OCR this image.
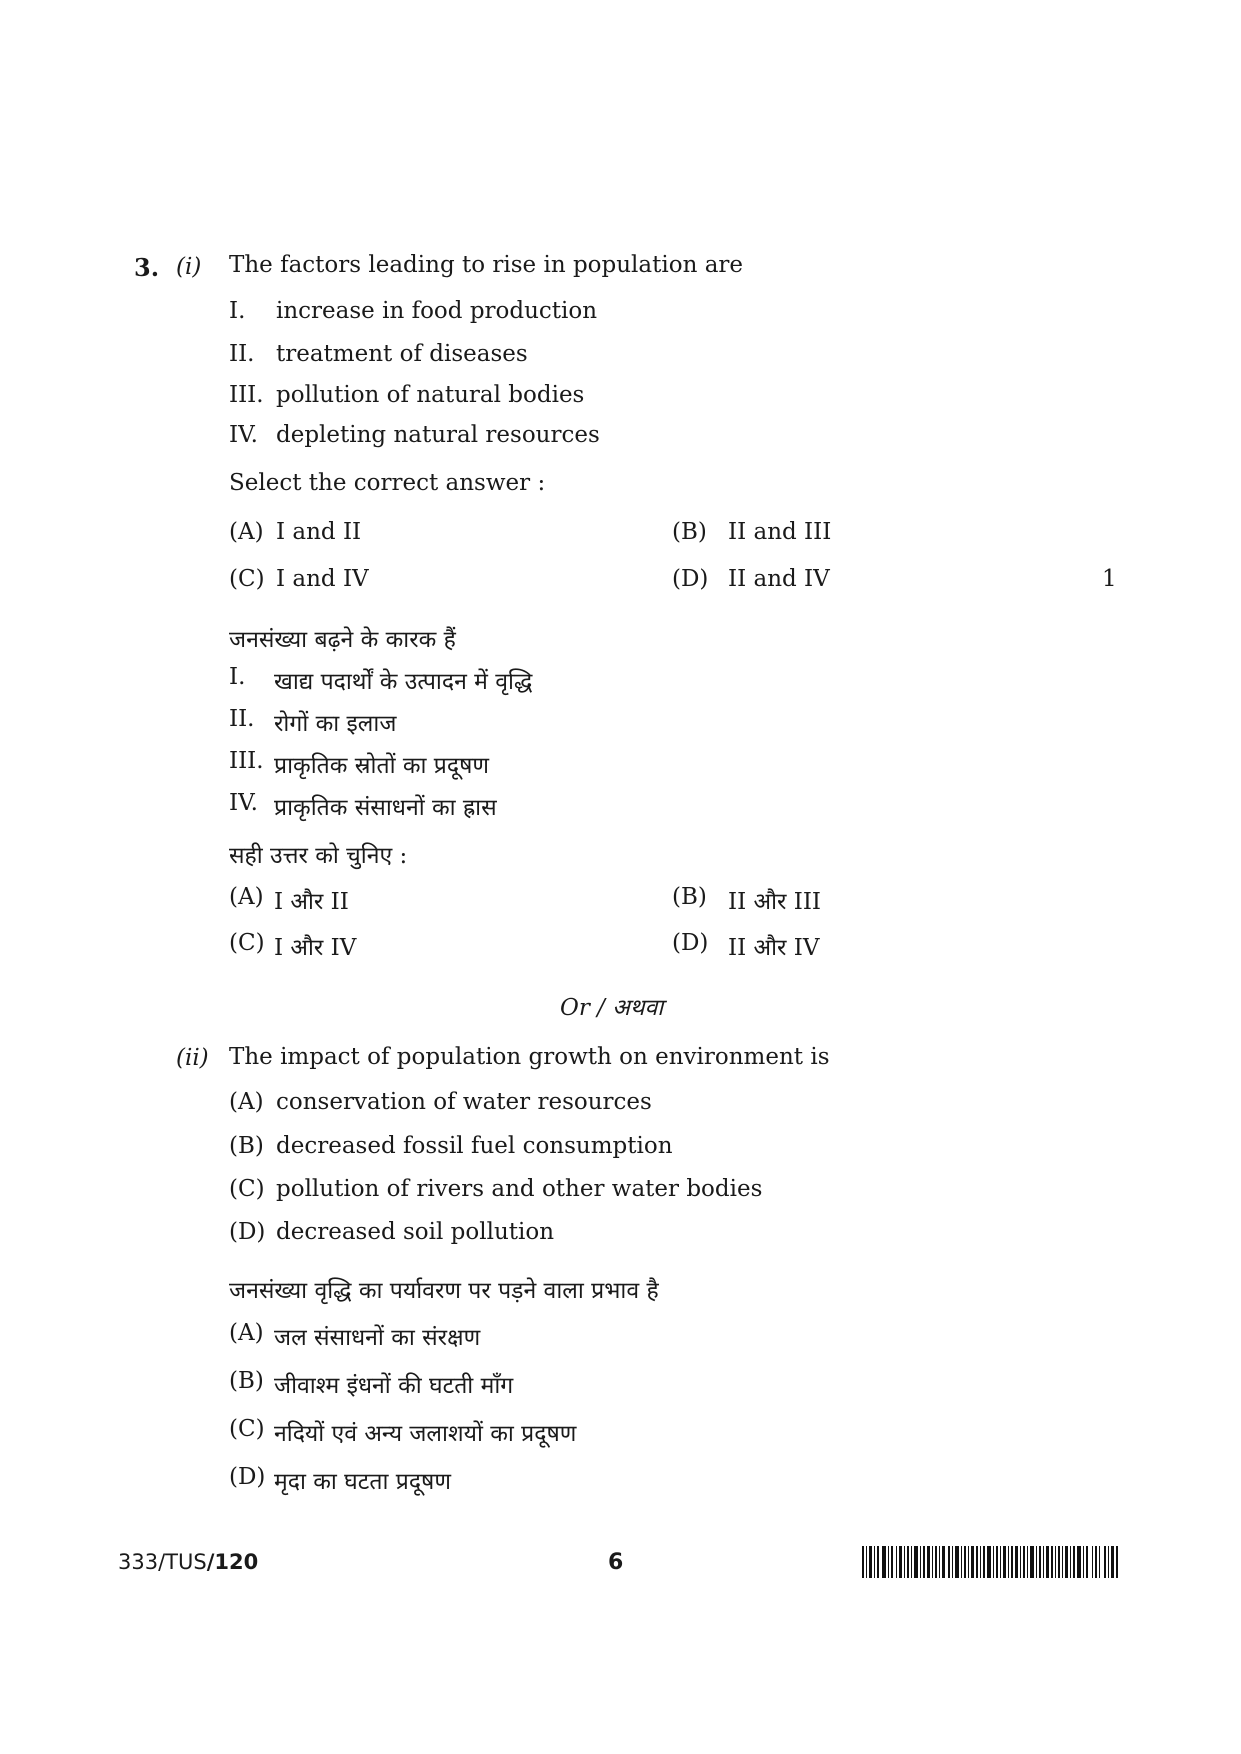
3. (i) The factors leading to rise in population are
I. increase in food production
II. treatment of diseases
III. pollution of natural bodies
IV. depleting natural resources
Select the correct answer :
(A) I and II	(B) II and III
(C) I and IV	(D) II and IV	1
जनसंख्या बढ़ने के कारक हैं
I. खाद्य पदार्थों के उत्पादन में वृद्धि
II. रोगों का इलाज
III. प्राकृतिक स्रोतों का प्रदूषण
IV. प्राकृतिक संसाधनों का ह्रास
सही उत्तर को चुनिए :
(A) I और II	(B) II और III
(C) I और IV	(D) II और IV
Or / अथवा
(ii) The impact of population growth on environment is
(A) conservation of water resources
(B) decreased fossil fuel consumption
(C) pollution of rivers and other water bodies
(D) decreased soil pollution
जनसंख्या वृद्धि का पर्यावरण पर पड़ने वाला प्रभाव है
(A) जल संसाधनों का संरक्षण
(B) जीवाश्म इंधनों की घटती माँग
(C) नदियों एवं अन्य जलाशयों का प्रदूषण
(D) मृदा का घटता प्रदूषण
333/TUS/120	6
